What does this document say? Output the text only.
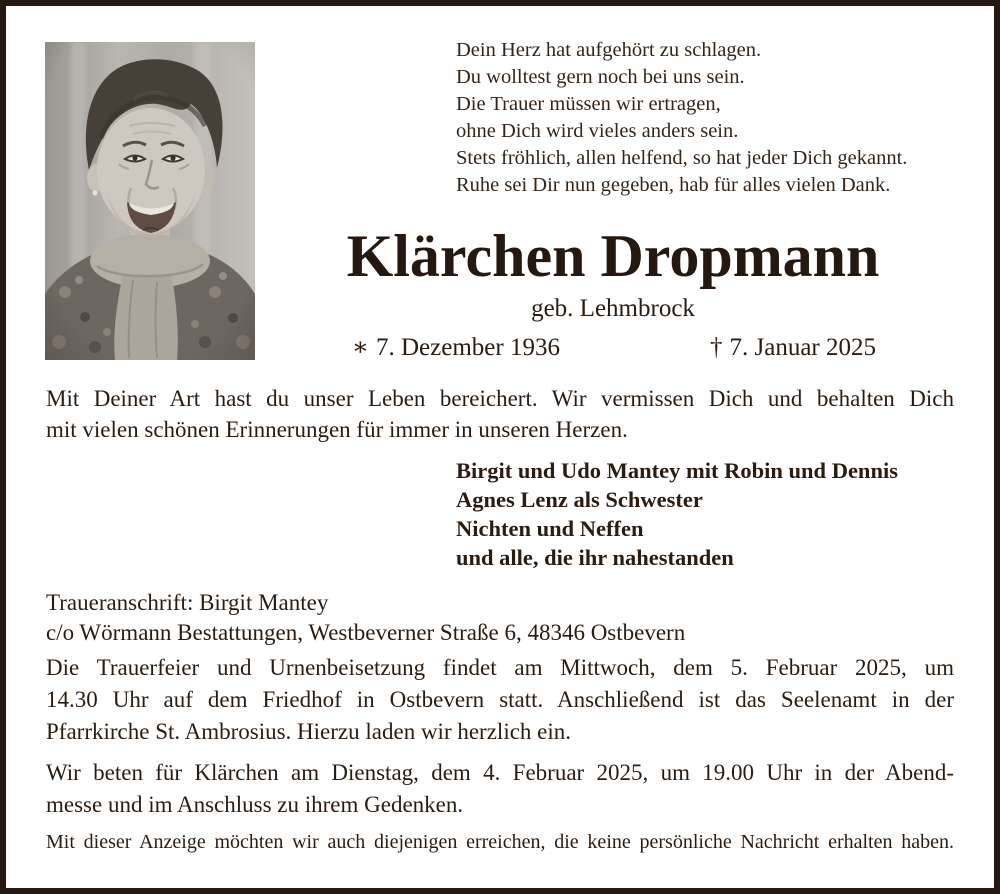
Dein Herz hat aufgehört zu schlagen.
Du wolltest gern noch bei uns sein.
Die Trauer müssen wir ertragen,
ohne Dich wird vieles anders sein.
Stets fröhlich, allen helfend, so hat jeder Dich gekannt.
Ruhe sei Dir nun gegeben, hab für alles vielen Dank.
Klärchen Dropmann
geb. Lehmbrock
∗ 7. Dezember 1936	† 7. Januar 2025
Mit Deiner Art hast du unser Leben bereichert. Wir vermissen Dich und behalten Dich
mit vielen schönen Erinnerungen für immer in unseren Herzen.
Birgit und Udo Mantey mit Robin und Dennis
Agnes Lenz als Schwester
Nichten und Neffen
und alle, die ihr nahestanden
Traueranschrift: Birgit Mantey
c/o Wörmann Bestattungen, Westbeverner Straße 6, 48346 Ostbevern
Die Trauerfeier und Urnenbeisetzung findet am Mittwoch, dem 5. Februar 2025, um
14.30 Uhr auf dem Friedhof in Ostbevern statt. Anschließend ist das Seelenamt in der
Pfarrkirche St. Ambrosius. Hierzu laden wir herzlich ein.
Wir beten für Klärchen am Dienstag, dem 4. Februar 2025, um 19.00 Uhr in der Abend-
messe und im Anschluss zu ihrem Gedenken.
Mit dieser Anzeige möchten wir auch diejenigen erreichen, die keine persönliche Nachricht erhalten haben.
